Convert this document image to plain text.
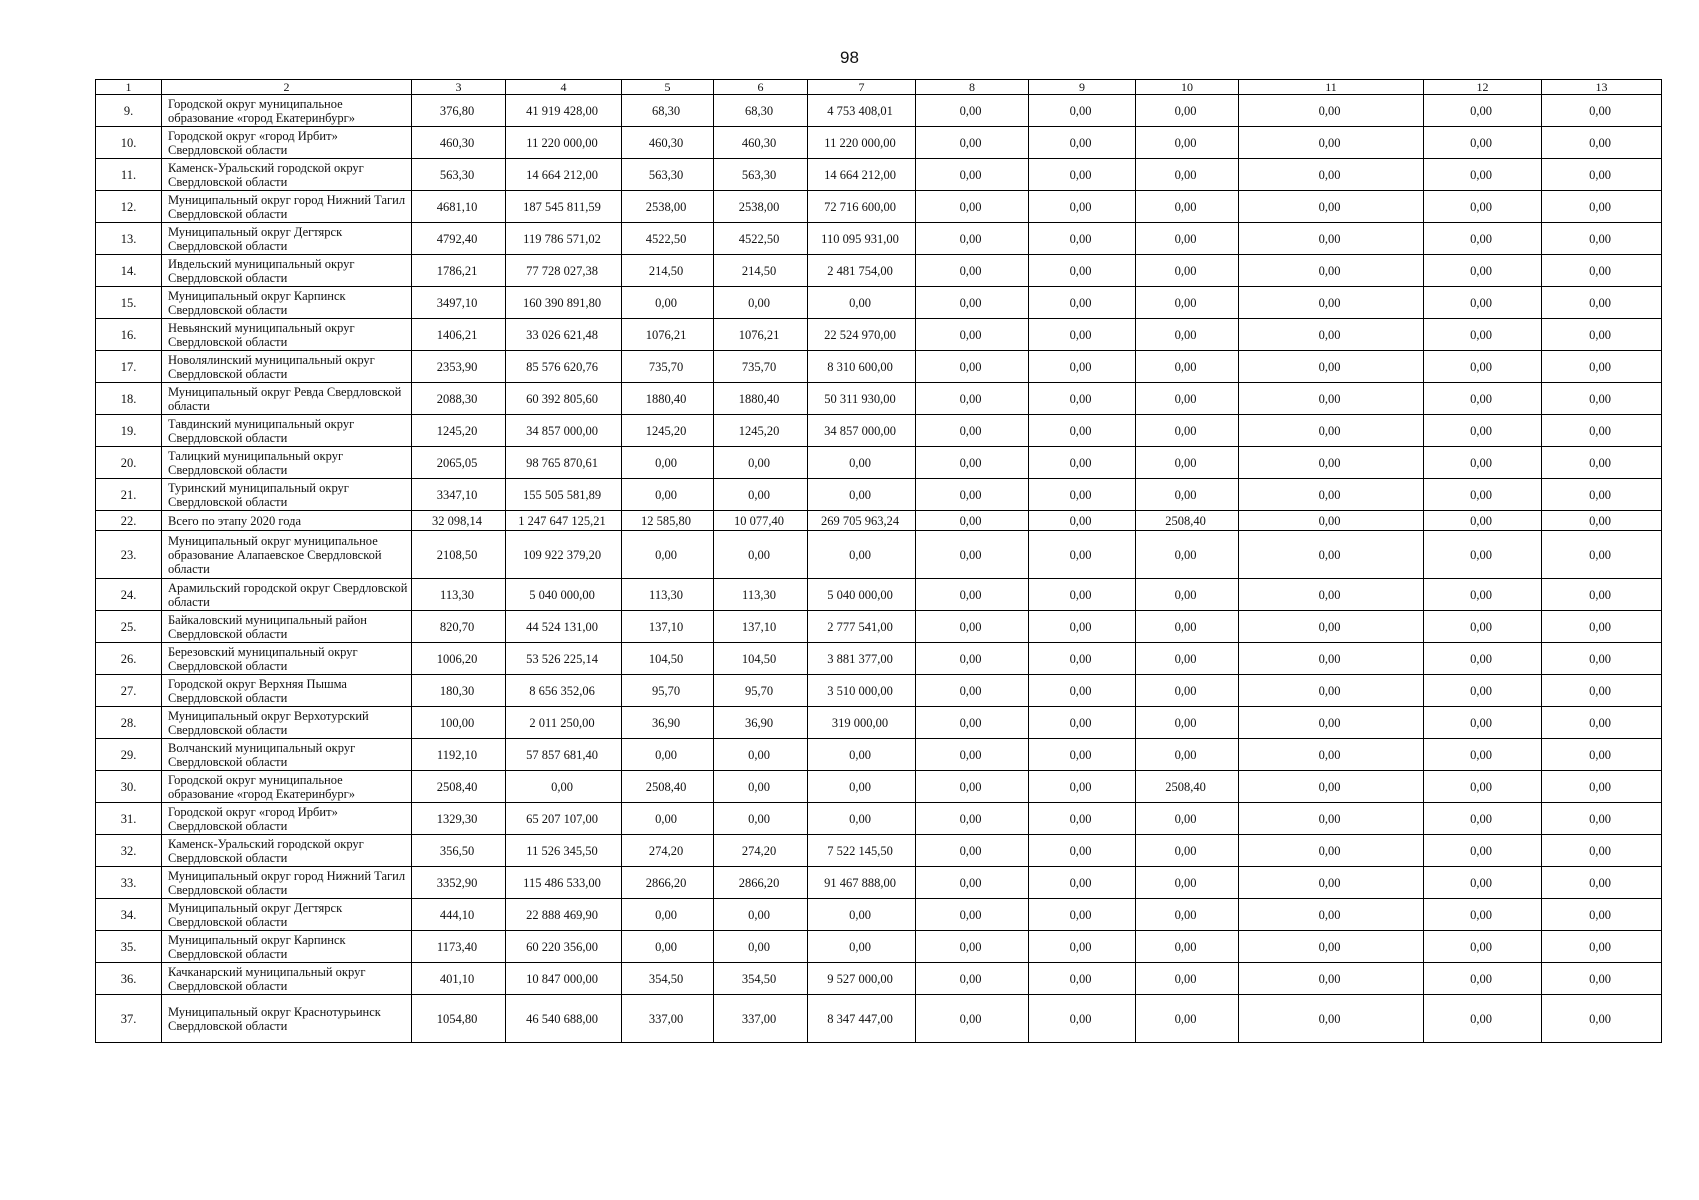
98
1	2	3	4	5	6	7	8	9	10	11	12	13
9.	Городской округ муниципальное образование «город Екатеринбург»	376,80	41 919 428,00	68,30	68,30	4 753 408,01	0,00	0,00	0,00	0,00	0,00	0,00
10.	Городской округ «город Ирбит» Свердловской области	460,30	11 220 000,00	460,30	460,30	11 220 000,00	0,00	0,00	0,00	0,00	0,00	0,00
11.	Каменск-Уральский городской округ Свердловской области	563,30	14 664 212,00	563,30	563,30	14 664 212,00	0,00	0,00	0,00	0,00	0,00	0,00
12.	Муниципальный округ город Нижний Тагил Свердловской области	4681,10	187 545 811,59	2538,00	2538,00	72 716 600,00	0,00	0,00	0,00	0,00	0,00	0,00
13.	Муниципальный округ Дегтярск Свердловской области	4792,40	119 786 571,02	4522,50	4522,50	110 095 931,00	0,00	0,00	0,00	0,00	0,00	0,00
14.	Ивдельский муниципальный округ Свердловской области	1786,21	77 728 027,38	214,50	214,50	2 481 754,00	0,00	0,00	0,00	0,00	0,00	0,00
15.	Муниципальный округ Карпинск Свердловской области	3497,10	160 390 891,80	0,00	0,00	0,00	0,00	0,00	0,00	0,00	0,00	0,00
16.	Невьянский муниципальный округ Свердловской области	1406,21	33 026 621,48	1076,21	1076,21	22 524 970,00	0,00	0,00	0,00	0,00	0,00	0,00
17.	Новолялинский муниципальный округ Свердловской области	2353,90	85 576 620,76	735,70	735,70	8 310 600,00	0,00	0,00	0,00	0,00	0,00	0,00
18.	Муниципальный округ Ревда Свердловской области	2088,30	60 392 805,60	1880,40	1880,40	50 311 930,00	0,00	0,00	0,00	0,00	0,00	0,00
19.	Тавдинский муниципальный округ Свердловской области	1245,20	34 857 000,00	1245,20	1245,20	34 857 000,00	0,00	0,00	0,00	0,00	0,00	0,00
20.	Талицкий муниципальный округ Свердловской области	2065,05	98 765 870,61	0,00	0,00	0,00	0,00	0,00	0,00	0,00	0,00	0,00
21.	Туринский муниципальный округ Свердловской области	3347,10	155 505 581,89	0,00	0,00	0,00	0,00	0,00	0,00	0,00	0,00	0,00
22.	Всего по этапу 2020 года	32 098,14	1 247 647 125,21	12 585,80	10 077,40	269 705 963,24	0,00	0,00	2508,40	0,00	0,00	0,00
23.	Муниципальный округ муниципальное образование Алапаевское Свердловской области	2108,50	109 922 379,20	0,00	0,00	0,00	0,00	0,00	0,00	0,00	0,00	0,00
24.	Арамильский городской округ Свердловской области	113,30	5 040 000,00	113,30	113,30	5 040 000,00	0,00	0,00	0,00	0,00	0,00	0,00
25.	Байкаловский муниципальный район Свердловской области	820,70	44 524 131,00	137,10	137,10	2 777 541,00	0,00	0,00	0,00	0,00	0,00	0,00
26.	Березовский муниципальный округ Свердловской области	1006,20	53 526 225,14	104,50	104,50	3 881 377,00	0,00	0,00	0,00	0,00	0,00	0,00
27.	Городской округ Верхняя Пышма Свердловской области	180,30	8 656 352,06	95,70	95,70	3 510 000,00	0,00	0,00	0,00	0,00	0,00	0,00
28.	Муниципальный округ Верхотурский Свердловской области	100,00	2 011 250,00	36,90	36,90	319 000,00	0,00	0,00	0,00	0,00	0,00	0,00
29.	Волчанский муниципальный округ Свердловской области	1192,10	57 857 681,40	0,00	0,00	0,00	0,00	0,00	0,00	0,00	0,00	0,00
30.	Городской округ муниципальное образование «город Екатеринбург»	2508,40	0,00	2508,40	0,00	0,00	0,00	0,00	2508,40	0,00	0,00	0,00
31.	Городской округ «город Ирбит» Свердловской области	1329,30	65 207 107,00	0,00	0,00	0,00	0,00	0,00	0,00	0,00	0,00	0,00
32.	Каменск-Уральский городской округ Свердловской области	356,50	11 526 345,50	274,20	274,20	7 522 145,50	0,00	0,00	0,00	0,00	0,00	0,00
33.	Муниципальный округ город Нижний Тагил Свердловской области	3352,90	115 486 533,00	2866,20	2866,20	91 467 888,00	0,00	0,00	0,00	0,00	0,00	0,00
34.	Муниципальный округ Дегтярск Свердловской области	444,10	22 888 469,90	0,00	0,00	0,00	0,00	0,00	0,00	0,00	0,00	0,00
35.	Муниципальный округ Карпинск Свердловской области	1173,40	60 220 356,00	0,00	0,00	0,00	0,00	0,00	0,00	0,00	0,00	0,00
36.	Качканарский муниципальный округ Свердловской области	401,10	10 847 000,00	354,50	354,50	9 527 000,00	0,00	0,00	0,00	0,00	0,00	0,00
37.	Муниципальный округ Краснотурьинск Свердловской области	1054,80	46 540 688,00	337,00	337,00	8 347 447,00	0,00	0,00	0,00	0,00	0,00	0,00
